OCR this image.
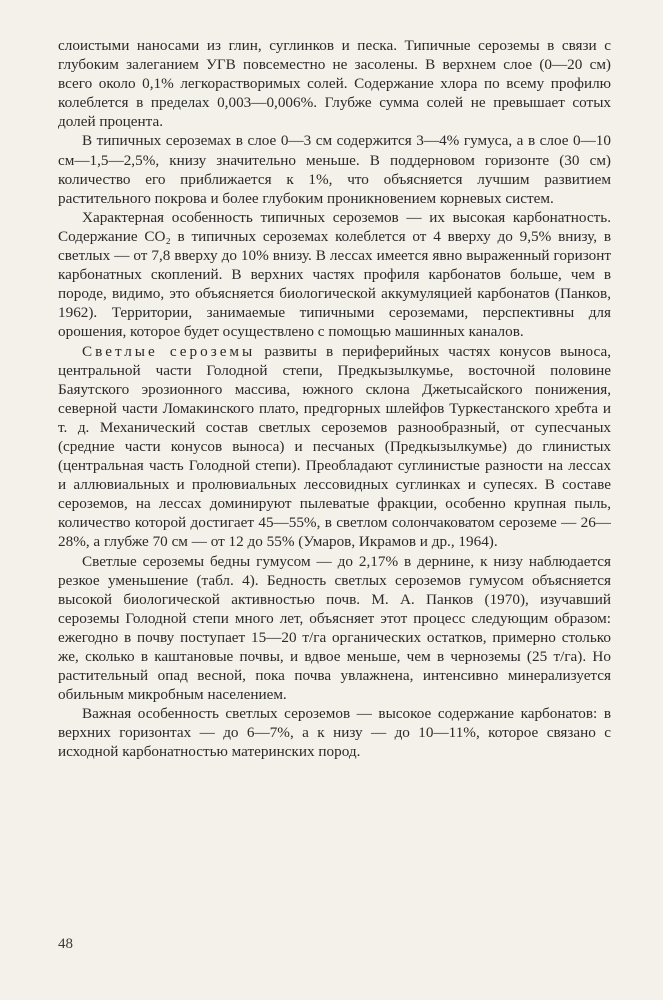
слоистыми наносами из глин, суглинков и песка. Типичные сероземы в связи с глубоким залеганием УГВ повсеместно не засолены. В верхнем слое (0—20 см) всего около 0,1% легкорастворимых солей. Содержание хлора по всему профилю колеблется в пределах 0,003—0,006%. Глубже сумма солей не превышает сотых долей процента.

В типичных сероземах в слое 0—3 см содержится 3—4% гумуса, а в слое 0—10 см—1,5—2,5%, книзу значительно меньше. В поддерновом горизонте (30 см) количество его приближается к 1%, что объясняется лучшим развитием растительного покрова и более глубоким проникновением корневых систем.

Характерная особенность типичных сероземов — их высокая карбонатность. Содержание CO₂ в типичных сероземах колеблется от 4 вверху до 9,5% внизу, в светлых — от 7,8 вверху до 10% внизу. В лессах имеется явно выраженный горизонт карбонатных скоплений. В верхних частях профиля карбонатов больше, чем в породе, видимо, это объясняется биологической аккумуляцией карбонатов (Панков, 1962). Территории, занимаемые типичными сероземами, перспективны для орошения, которое будет осуществлено с помощью машинных каналов.

Светлые сероземы развиты в периферийных частях конусов выноса, центральной части Голодной степи, Предкызылкумье, восточной половине Баяутского эрозионного массива, южного склона Джетысайского понижения, северной части Ломакинского плато, предгорных шлейфов Туркестанского хребта и т. д. Механический состав светлых сероземов разнообразный, от супесчаных (средние части конусов выноса) и песчаных (Предкызылкумье) до глинистых (центральная часть Голодной степи). Преобладают суглинистые разности на лессах и аллювиальных и пролювиальных лессовидных суглинках и супесях. В составе сероземов, на лессах доминируют пылеватые фракции, особенно крупная пыль, количество которой достигает 45—55%, в светлом солончаковатом сероземе — 26—28%, а глубже 70 см — от 12 до 55% (Умаров, Икрамов и др., 1964).

Светлые сероземы бедны гумусом — до 2,17% в дернине, к низу наблюдается резкое уменьшение (табл. 4). Бедность светлых сероземов гумусом объясняется высокой биологической активностью почв. М. А. Панков (1970), изучавший сероземы Голодной степи много лет, объясняет этот процесс следующим образом: ежегодно в почву поступает 15—20 т/га органических остатков, примерно столько же, сколько в каштановые почвы, и вдвое меньше, чем в черноземы (25 т/га). Но растительный опад весной, пока почва увлажнена, интенсивно минерализуется обильным микробным населением.

Важная особенность светлых сероземов — высокое содержание карбонатов: в верхних горизонтах — до 6—7%, а к низу — до 10—11%, которое связано с исходной карбонатностью материнских пород.

48
